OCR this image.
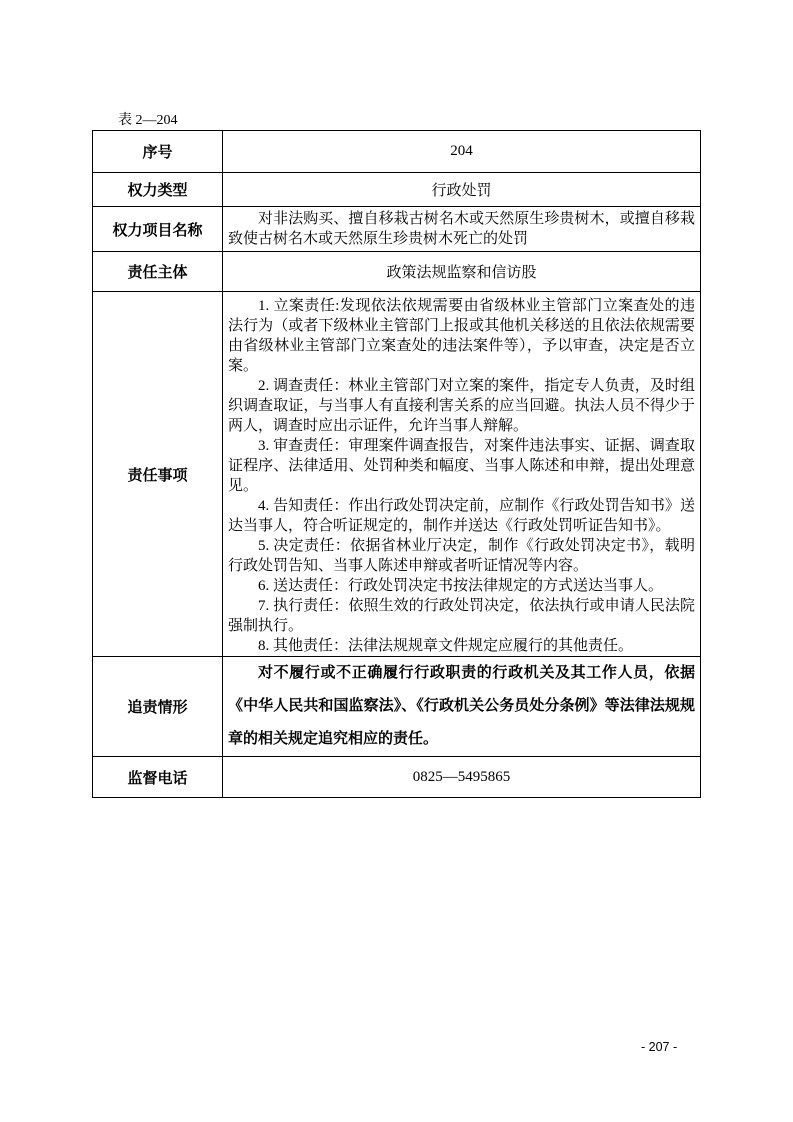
表 2—204
序号	204
权力类型	行政处罚
权力项目名称	对非法购买、擅自移栽古树名木或天然原生珍贵树木，或擅自移栽致使古树名木或天然原生珍贵树木死亡的处罚

责任主体	政策法规监察和信访股
责任事项	
1. 立案责任:发现依法依规需要由省级林业主管部门立案查处的违法行为（或者下级林业主管部门上报或其他机关移送的且依法依规需要由省级林业主管部门立案查处的违法案件等），予以审查，决定是否立案。
2. 调查责任：林业主管部门对立案的案件，指定专人负责，及时组织调查取证，与当事人有直接利害关系的应当回避。执法人员不得少于两人，调查时应出示证件，允许当事人辩解。
3. 审查责任：审理案件调查报告，对案件违法事实、证据、调查取证程序、法律适用、处罚种类和幅度、当事人陈述和申辩，提出处理意见。
4. 告知责任：作出行政处罚决定前，应制作《行政处罚告知书》送达当事人，符合听证规定的，制作并送达《行政处罚听证告知书》。
5. 决定责任：依据省林业厅决定，制作《行政处罚决定书》，载明行政处罚告知、当事人陈述申辩或者听证情况等内容。
6. 送达责任：行政处罚决定书按法律规定的方式送达当事人。
7. 执行责任：依照生效的行政处罚决定，依法执行或申请人民法院强制执行。
8. 其他责任：法律法规规章文件规定应履行的其他责任。

追责情形	对不履行或不正确履行行政职责的行政机关及其工作人员，依据《中华人民共和国监察法》、《行政机关公务员处分条例》等法律法规规章的相关规定追究相应的责任。

监督电话	0825—5495865
- 207 -
